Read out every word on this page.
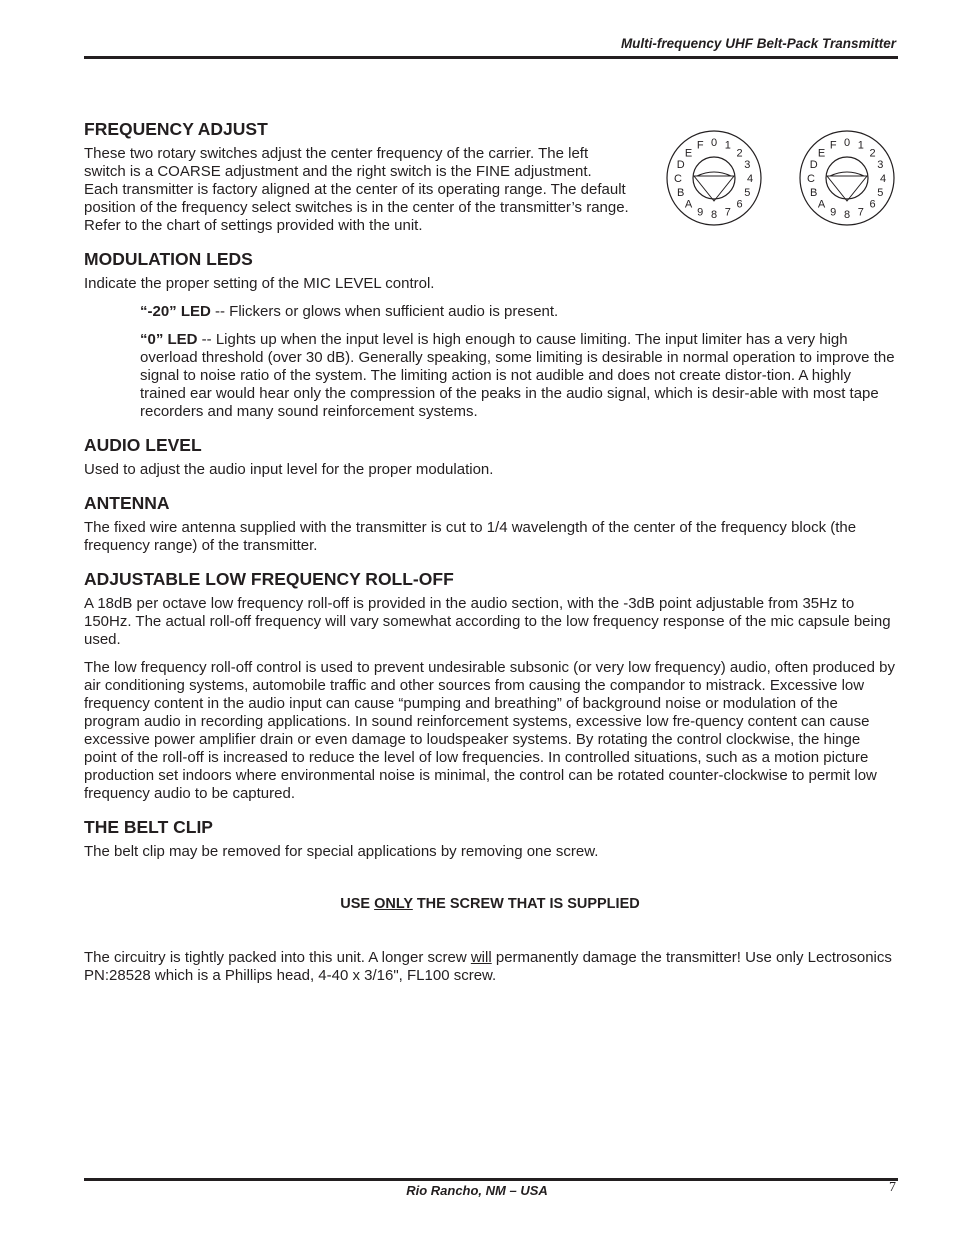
Multi-frequency UHF Belt-Pack Transmitter
0 1
2
3
4
5
6
7
8
9
A
B
C
D
E
F	0 1
2
3
4
5
6
7
8
9
A
B
C
D
E
F
FREQUENCY ADJUST

These two rotary switches adjust the center frequency of the carrier. The left switch is a COARSE adjustment and the right switch is the FINE adjustment. Each transmitter is factory aligned at the center of its operating range. The default position of the frequency select switches is in the center of the transmitter’s range. Refer to the chart of settings provided with the unit.

MODULATION LEDS

Indicate the proper setting of the MIC LEVEL control.

“-20” LED -- Flickers or glows when sufficient audio is present.

“0” LED -- Lights up when the input level is high enough to cause limiting. The input limiter has a very high overload threshold (over 30 dB). Generally speaking, some limiting is desirable in normal operation to improve the signal to noise ratio of the system. The limiting action is not audible and does not create distor-tion. A highly trained ear would hear only the compression of the peaks in the audio signal, which is desir-able with most tape recorders and many sound reinforcement systems.

AUDIO LEVEL

Used to adjust the audio input level for the proper modulation.

ANTENNA

The fixed wire antenna supplied with the transmitter is cut to 1/4 wavelength of the center of the frequency block (the frequency range) of the transmitter.

ADJUSTABLE LOW FREQUENCY ROLL-OFF

A 18dB per octave low frequency roll-off is provided in the audio section, with the -3dB point adjustable from 35Hz to 150Hz. The actual roll-off frequency will vary somewhat according to the low frequency response of the mic capsule being used.

The low frequency roll-off control is used to prevent undesirable subsonic (or very low frequency) audio, often produced by air conditioning systems, automobile traffic and other sources from causing the compandor to mistrack. Excessive low frequency content in the audio input can cause “pumping and breathing” of background noise or modulation of the program audio in recording applications. In sound reinforcement systems, excessive low fre-quency content can cause excessive power amplifier drain or even damage to loudspeaker systems. By rotating the control clockwise, the hinge point of the roll-off is increased to reduce the level of low frequencies. In controlled situations, such as a motion picture production set indoors where environmental noise is minimal, the control can be rotated counter-clockwise to permit low frequency audio to be captured.

THE BELT CLIP

The belt clip may be removed for special applications by removing one screw.

USE ONLY THE SCREW THAT IS SUPPLIED

The circuitry is tightly packed into this unit. A longer screw will permanently damage the transmitter! Use only Lectrosonics PN:28528 which is a Phillips head, 4-40 x 3/16", FL100 screw.

Rio Rancho, NM – USA	7
